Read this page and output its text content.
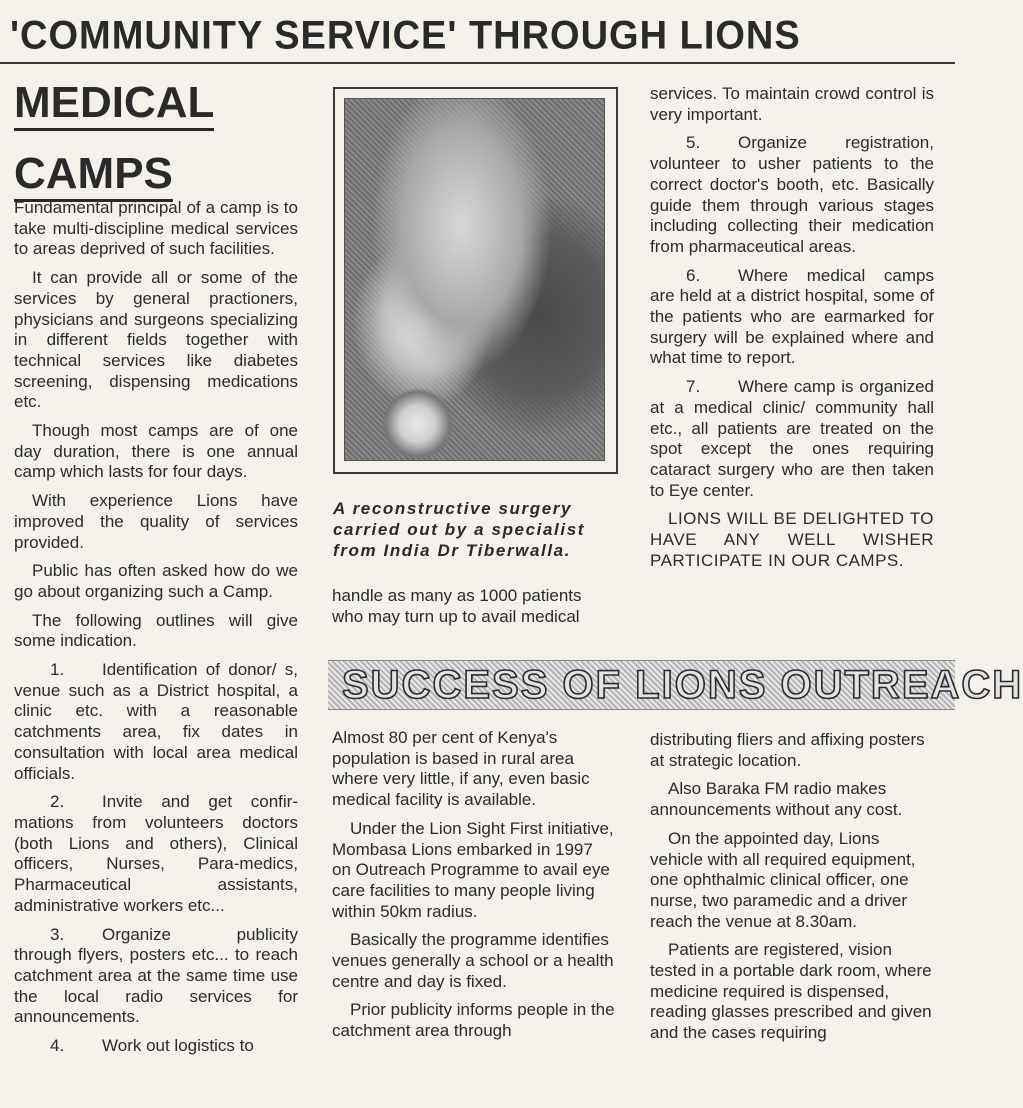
'COMMUNITY SERVICE' THROUGH LIONS
MEDICAL
CAMPS

Fundamental principal of a camp is to take multi-discipline medical services to areas deprived of such facilities.

It can provide all or some of the services by general practioners, physicians and surgeons specializing in different fields together with technical services like diabetes screening, dispensing medications etc.

Though most camps are of one day duration, there is one annual camp which lasts for four days.

With experience Lions have improved the quality of services provided.

Public has often asked how do we go about organizing such a Camp.

The following outlines will give some indication.

1. Identification of donor/ s, venue such as a District hospital, a clinic etc. with a reasonable catchments area, fix dates in consultation with local area medical officials.

2. Invite and get confir- mations from volunteers doctors (both Lions and others), Clinical officers, Nurses, Para-medics, Pharmaceutical assistants, administrative workers etc...

3. Organize publicity through flyers, posters etc... to reach catchment area at the same time use the local radio services for announcements.

4. Work out logistics to

A reconstructive surgery carried out by a specialist from India Dr Tiberwalla.

handle as many as 1000 patients who may turn up to avail medical

services. To maintain crowd control is very important.

5. Organize registration, volunteer to usher patients to the correct doctor's booth, etc. Basically guide them through various stages including collecting their medication from pharmaceutical areas.

6. Where medical camps are held at a district hospital, some of the patients who are earmarked for surgery will be explained where and what time to report.

7. Where camp is organized at a medical clinic/ community hall etc., all patients are treated on the spot except the ones requiring cataract surgery who are then taken to Eye center.

LIONS WILL BE DELIGHTED TO HAVE ANY WELL WISHER PARTICIPATE IN OUR CAMPS.

SUCCESS OF LIONS OUTREACH

Almost 80 per cent of Kenya's population is based in rural area where very little, if any, even basic medical facility is available.

Under the Lion Sight First initiative, Mombasa Lions embarked in 1997 on Outreach Programme to avail eye care facilities to many people living within 50km radius.

Basically the programme identifies venues generally a school or a health centre and day is fixed.

Prior publicity informs people in the catchment area through

distributing fliers and affixing posters at strategic location.

Also Baraka FM radio makes announcements without any cost.

On the appointed day, Lions vehicle with all required equipment, one ophthalmic clinical officer, one nurse, two paramedic and a driver reach the venue at 8.30am.

Patients are registered, vision tested in a portable dark room, where medicine required is dispensed, reading glasses prescribed and given and the cases requiring
